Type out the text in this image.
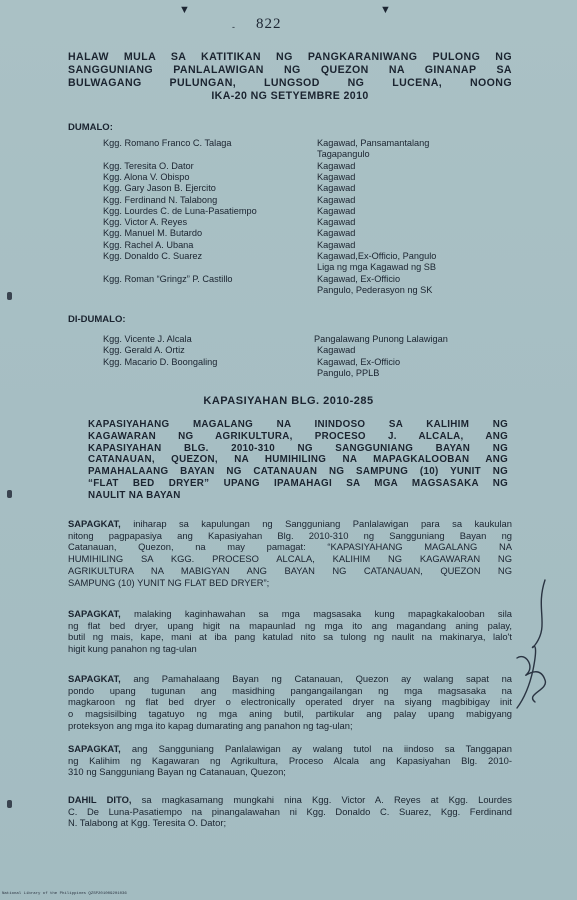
822
-
▼	▼
HALAW MULA SA KATITIKAN NG PANGKARANIWANG PULONG NG
SANGGUNIANG PANLALAWIGAN NG QUEZON NA GINANAP SA
BULWAGANG PULUNGAN, LUNGSOD NG LUCENA, NOONG
IKA-20 NG SETYEMBRE 2010
DUMALO:
Kgg. Romano Franco C. Talaga	Kagawad, Pansamantalang
Tagapangulo
Kgg. Teresita O. Dator	Kagawad
Kgg. Alona V. Obispo	Kagawad
Kgg. Gary Jason B. Ejercito	Kagawad
Kgg. Ferdinand N. Talabong	Kagawad
Kgg. Lourdes C. de Luna-Pasatiempo	Kagawad
Kgg. Victor A. Reyes	Kagawad
Kgg. Manuel M. Butardo	Kagawad
Kgg. Rachel A. Ubana	Kagawad
Kgg. Donaldo C. Suarez	Kagawad,Ex-Officio, Pangulo
Liga ng mga Kagawad ng SB
Kgg. Roman “Gringz” P. Castillo	Kagawad, Ex-Officio
Pangulo, Pederasyon ng SK
DI-DUMALO:
Kgg. Vicente J. Alcala	Pangalawang Punong Lalawigan
Kgg. Gerald A. Ortiz	Kagawad
Kgg. Macario D. Boongaling	Kagawad, Ex-Officio
Pangulo, PPLB
KAPASIYAHAN BLG. 2010-285
KAPASIYAHANG MAGALANG NA ININDOSO SA KALIHIM NG
KAGAWARAN NG AGRIKULTURA, PROCESO J. ALCALA, ANG
KAPASIYAHAN BLG. 2010-310 NG SANGGUNIANG BAYAN NG
CATANAUAN, QUEZON, NA HUMIHILING NA MAPAGKALOOBAN ANG
PAMAHALAANG BAYAN NG CATANAUAN NG SAMPUNG (10) YUNIT NG
“FLAT BED DRYER” UPANG IPAMAHAGI SA MGA MAGSASAKA NG
NAULIT NA BAYAN
SAPAGKAT, iniharap sa kapulungan ng Sangguniang Panlalawigan para sa kaukulan
nitong pagpapasiya ang Kapasiyahan Blg. 2010-310 ng Sangguniang Bayan ng
Catanauan, Quezon, na may pamagat: “KAPASIYAHANG MAGALANG NA
HUMIHILING SA KGG. PROCESO ALCALA, KALIHIM NG KAGAWARAN NG
AGRIKULTURA NA MABIGYAN ANG BAYAN NG CATANAUAN, QUEZON NG
SAMPUNG (10) YUNIT NG FLAT BED DRYER”;
SAPAGKAT, malaking kaginhawahan sa mga magsasaka kung mapagkakalooban sila
ng flat bed dryer, upang higit na mapaunlad ng mga ito ang magandang aning palay,
butil ng mais, kape, mani at iba pang katulad nito sa tulong ng naulit na makinarya, lalo't
higit kung panahon ng tag-ulan
SAPAGKAT, ang Pamahalaang Bayan ng Catanauan, Quezon ay walang sapat na
pondo upang tugunan ang masidhing pangangailangan ng mga magsasaka na
magkaroon ng flat bed dryer o electronically operated dryer na siyang magbibigay init
o magsisilbing tagatuyo ng mga aning butil, partikular ang palay upang mabigyang
proteksyon ang mga ito kapag dumarating ang panahon ng tag-ulan;
SAPAGKAT, ang Sangguniang Panlalawigan ay walang tutol na iindoso sa Tanggapan
ng Kalihim ng Kagawaran ng Agrikultura, Proceso Alcala ang Kapasiyahan Blg. 2010-
310 ng Sangguniang Bayan ng Catanauan, Quezon;
DAHIL DITO, sa magkasamang mungkahi nina Kgg. Victor A. Reyes at Kgg. Lourdes
C. De Luna-Pasatiempo na pinangalawahan ni Kgg. Donaldo C. Suarez, Kgg. Ferdinand
N. Talabong at Kgg. Teresita O. Dator;
National Library of the Philippines QZSP201009201036
